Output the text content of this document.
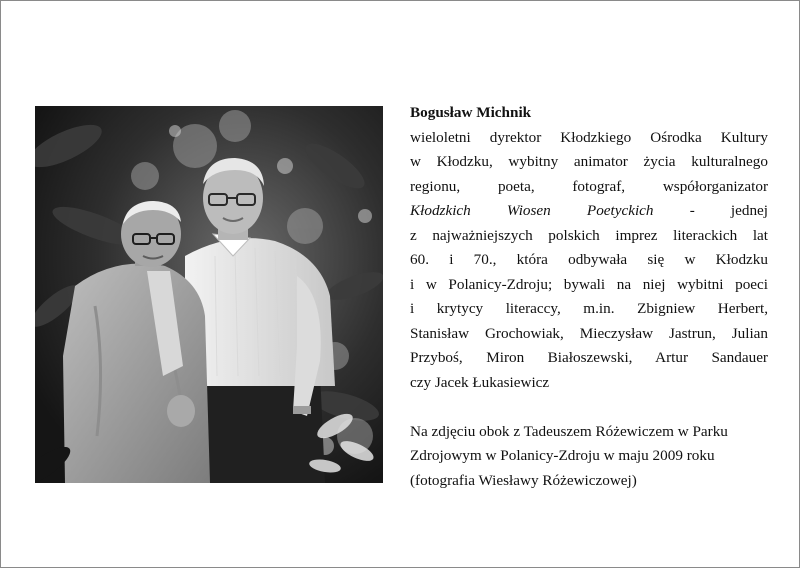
Bogusław Michnik
wieloletni dyrektor Kłodzkiego Ośrodka Kultury
w Kłodzku, wybitny animator życia kulturalnego
regionu, poeta, fotograf, współorganizator
Kłodzkich Wiosen Poetyckich - jednej
z najważniejszych polskich imprez literackich lat
60. i 70., która odbywała się w Kłodzku
i w Polanicy-Zdroju; bywali na niej wybitni poeci
i krytycy literaccy, m.in. Zbigniew Herbert,
Stanisław Grochowiak, Mieczysław Jastrun, Julian
Przyboś, Miron Białoszewski, Artur Sandauer
czy Jacek Łukasiewicz
Na zdjęciu obok z Tadeuszem Różewiczem w Parku
Zdrojowym w Polanicy-Zdroju w maju 2009 roku
(fotografia Wiesławy Różewiczowej)
